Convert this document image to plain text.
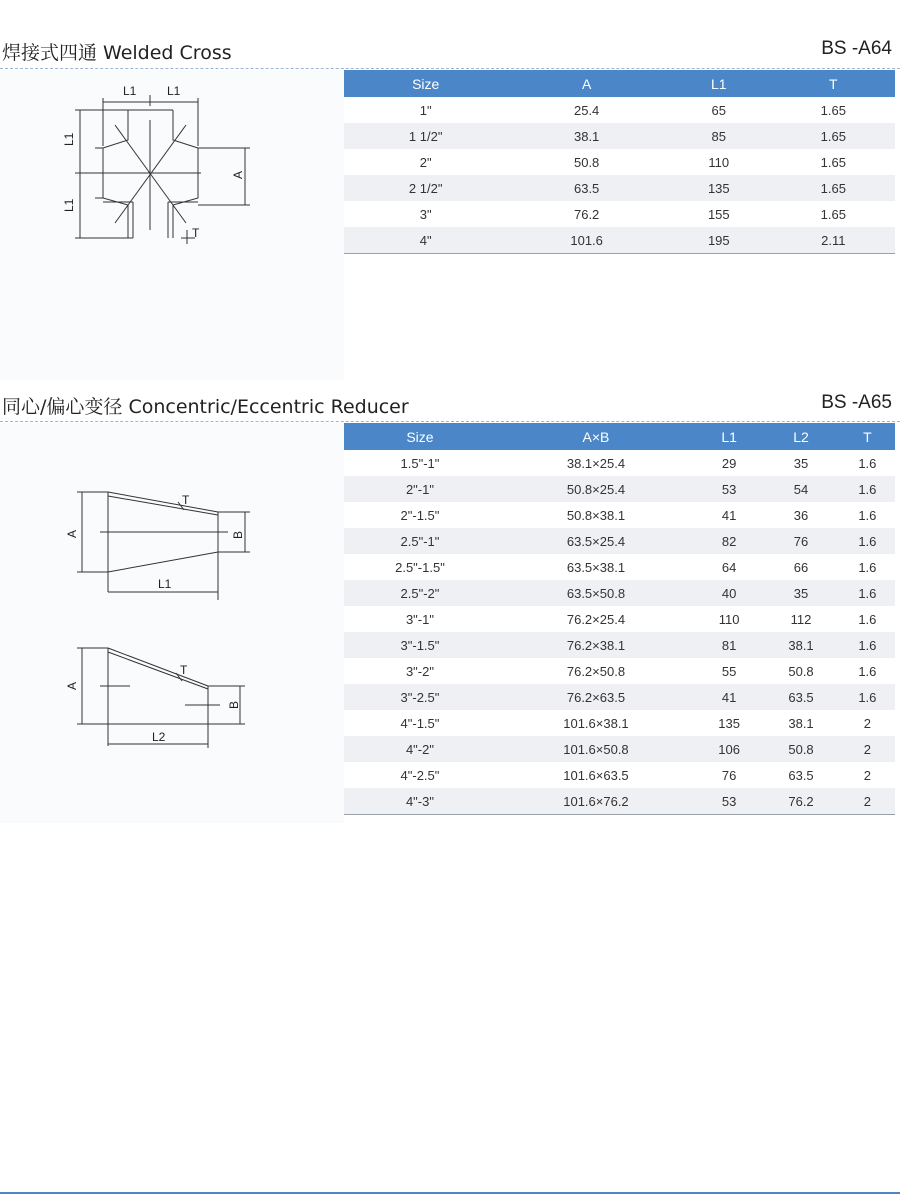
焊接式四通 Welded Cross	BS -A64
L1	L1
L1
L1
A
T
Size	A	L1	T
1"	25.4	65	1.65
1 1/2"	38.1	85	1.65
2"	50.8	110	1.65
2 1/2"	63.5	135	1.65
3"	76.2	155	1.65
4"	101.6	195	2.11
同心/偏心变径 Concentric/Eccentric Reducer	BS -A65
T
A	B
L1
T
A
B
L2
Size	A×B	L1	L2	T
1.5"-1"	38.1×25.4	29	35	1.6
2"-1"	50.8×25.4	53	54	1.6
2"-1.5"	50.8×38.1	41	36	1.6
2.5"-1"	63.5×25.4	82	76	1.6
2.5"-1.5"	63.5×38.1	64	66	1.6
2.5"-2"	63.5×50.8	40	35	1.6
3"-1"	76.2×25.4	110	112	1.6
3"-1.5"	76.2×38.1	81	38.1	1.6
3"-2"	76.2×50.8	55	50.8	1.6
3"-2.5"	76.2×63.5	41	63.5	1.6
4"-1.5"	101.6×38.1	135	38.1	2
4"-2"	101.6×50.8	106	50.8	2
4"-2.5"	101.6×63.5	76	63.5	2
4"-3"	101.6×76.2	53	76.2	2
